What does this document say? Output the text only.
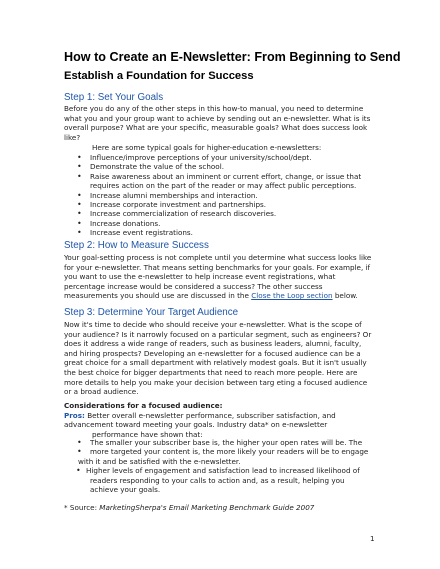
How to Create an E-Newsletter: From Beginning to Send
Establish a Foundation for Success
Step 1: Set Your Goals
Before you do any of the other steps in this how-to manual, you need to determine
what you and your group want to achieve by sending out an e-newsletter. What is its
overall purpose? What are your specific, measurable goals? What does success look
like?
Here are some typical goals for higher-education e-newsletters:
• Influence/improve perceptions of your university/school/dept.
• Demonstrate the value of the school.
• Raise awareness about an imminent or current effort, change, or issue that
requires action on the part of the reader or may affect public perceptions.
• Increase alumni memberships and interaction.
• Increase corporate investment and partnerships.
• Increase commercialization of research discoveries.
• Increase donations.
• Increase event registrations.
Step 2: How to Measure Success
Your goal-setting process is not complete until you determine what success looks like
for your e-newsletter. That means setting benchmarks for your goals. For example, if
you want to use the e-newsletter to help increase event registrations, what
percentage increase would be considered a success? The other success
measurements you should use are discussed in the Close the Loop section below.
Step 3: Determine Your Target Audience
Now it's time to decide who should receive your e-newsletter. What is the scope of
your audience? Is it narrowly focused on a particular segment, such as engineers? Or
does it address a wide range of readers, such as business leaders, alumni, faculty,
and hiring prospects? Developing an e-newsletter for a focused audience can be a
great choice for a small department with relatively modest goals. But it isn't usually
the best choice for bigger departments that need to reach more people. Here are
more details to help you make your decision between targ eting a focused audience
or a broad audience.
Considerations for a focused audience:
Pros: Better overall e-newsletter performance, subscriber satisfaction, and
advancement toward meeting your goals. Industry data* on e-newsletter
performance have shown that:
• The smaller your subscriber base is, the higher your open rates will be. The
• more targeted your content is, the more likely your readers will be to engage
with it and be satisfied with the e-newsletter.
• Higher levels of engagement and satisfaction lead to increased likelihood of
readers responding to your calls to action and, as a result, helping you
achieve your goals.
* Source: MarketingSherpa's Email Marketing Benchmark Guide 2007
1
